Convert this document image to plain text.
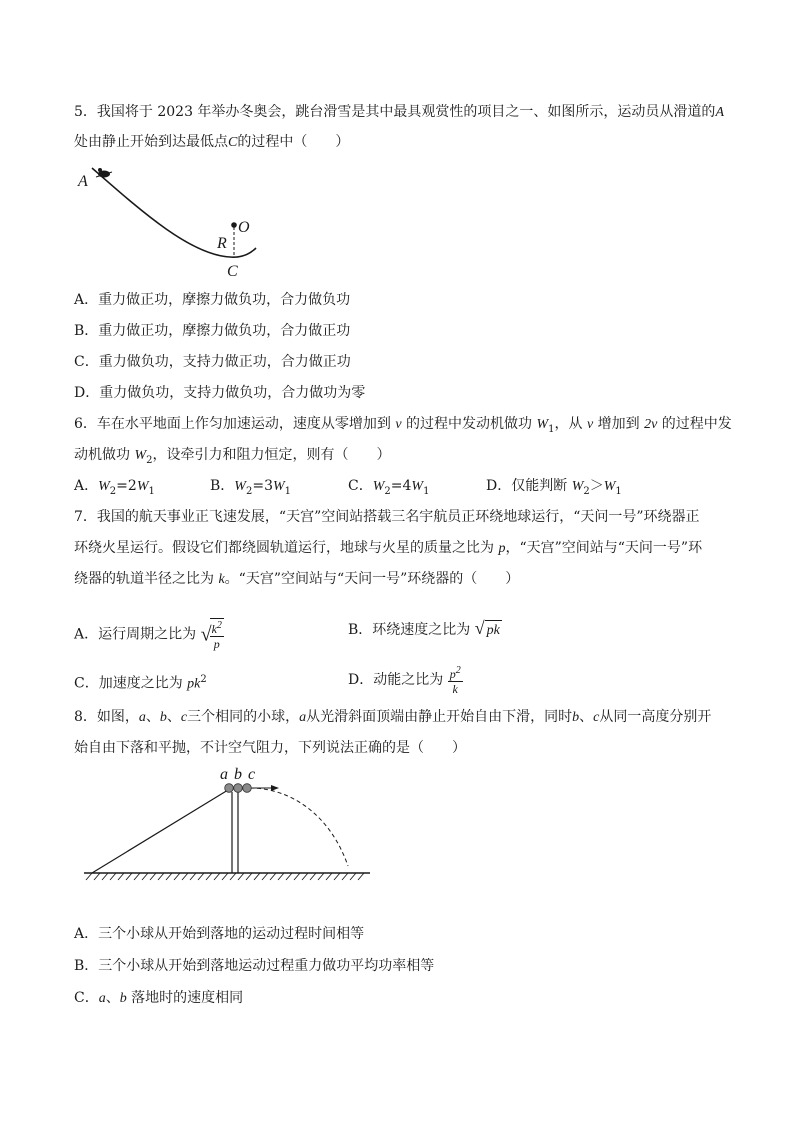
5．我国将于 2023 年举办冬奥会，跳台滑雪是其中最具观赏性的项目之一、如图所示，运动员从滑道的A
处由静止开始到达最低点C的过程中（　　）
A
O
R
C
A．重力做正功，摩擦力做负功，合力做负功
B．重力做正功，摩擦力做负功，合力做正功
C．重力做负功，支持力做正功，合力做正功
D．重力做负功，支持力做负功，合力做功为零
6．车在水平地面上作匀加速运动，速度从零增加到 v 的过程中发动机做功 $W_1$，从 v 增加到 2v 的过程中发
动机做功 $W_2$，设牵引力和阻力恒定，则有（　　）
A．$W_2=2W_1$	B．$W_2=3W_1$	C．$W_2=4W_1$	D．仅能判断 $W_2>W_1$
7．我国的航天事业正飞速发展，“天宫”空间站搭载三名宇航员正环绕地球运行，“天问一号”环绕器正
环绕火星运行。假设它们都绕圆轨道运行，地球与火星的质量之比为 p，“天宫”空间站与“天问一号”环
绕器的轨道半径之比为 k。“天宫”空间站与“天问一号”环绕器的（　　）
A．运行周期之比为 √
$\frac{k^2}{p}$	B．环绕速度之比为 √ pk
C．加速度之比为 $pk^2$	D．动能之比为 $\frac{p^2}{k}$
8．如图，a、b、c三个相同的小球，a从光滑斜面顶端由静止开始自由下滑，同时b、c从同一高度分别开
始自由下落和平抛，不计空气阻力，下列说法正确的是（　　）
a b c
A．三个小球从开始到落地的运动过程时间相等
B．三个小球从开始到落地运动过程重力做功平均功率相等
C．a、b 落地时的速度相同
